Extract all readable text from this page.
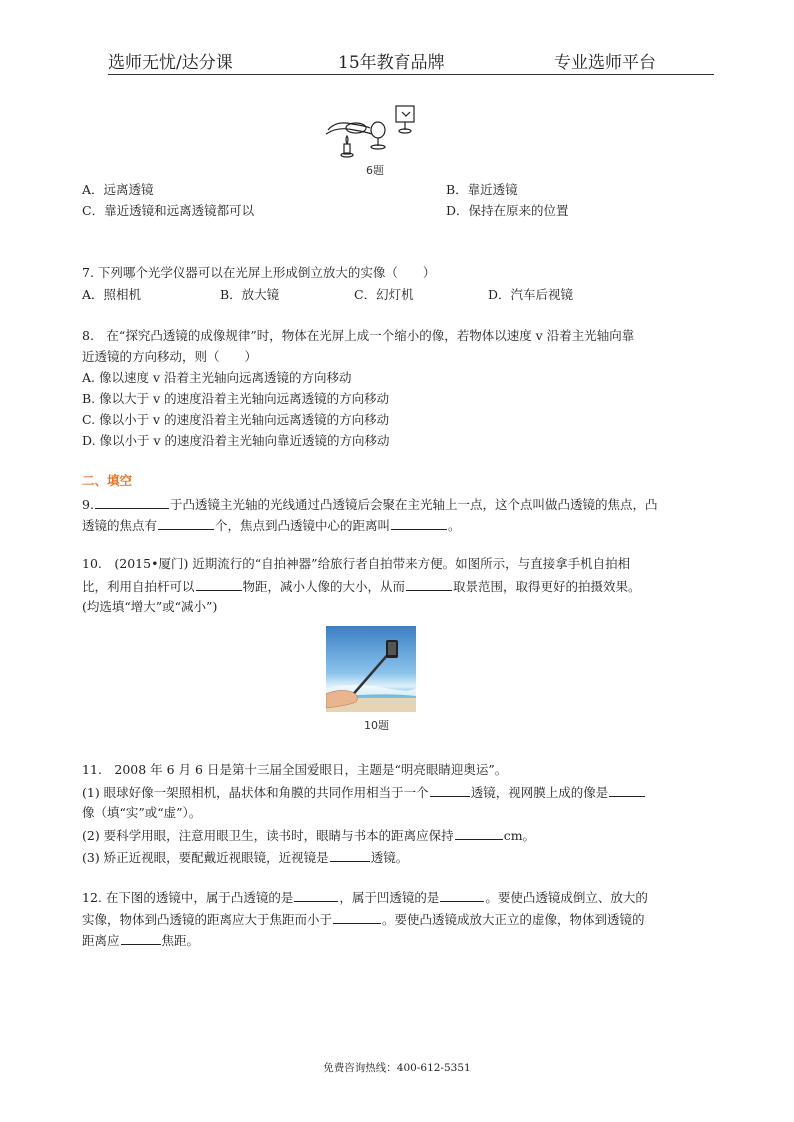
选师无忧/达分课	15年教育品牌	专业选师平台
6题
A．远离透镜	B．靠近透镜
C．靠近透镜和远离透镜都可以	D．保持在原来的位置
7. 下列哪个光学仪器可以在光屏上形成倒立放大的实像（　　）
A．照相机	B．放大镜	C．幻灯机	D．汽车后视镜
8.　在“探究凸透镜的成像规律”时，物体在光屏上成一个缩小的像，若物体以速度 v 沿着主光轴向靠
近透镜的方向移动，则（　　）
A. 像以速度 v 沿着主光轴向远离透镜的方向移动
B. 像以大于 v 的速度沿着主光轴向远离透镜的方向移动
C. 像以小于 v 的速度沿着主光轴向远离透镜的方向移动
D. 像以小于 v 的速度沿着主光轴向靠近透镜的方向移动
二、填空
9.	于凸透镜主光轴的光线通过凸透镜后会聚在主光轴上一点，这个点叫做凸透镜的焦点，凸
透镜的焦点有	个，焦点到凸透镜中心的距离叫	。
10.　(2015•厦门) 近期流行的“自拍神器”给旅行者自拍带来方便。如图所示，与直接拿手机自拍相
比，利用自拍杆可以	物距，减小人像的大小，从而	取景范围，取得更好的拍摄效果。
(均选填“增大”或“减小”)
10题
11.　2008 年 6 月 6 日是第十三届全国爱眼日，主题是“明亮眼睛迎奥运”。
(1) 眼球好像一架照相机，晶状体和角膜的共同作用相当于一个	透镜，视网膜上成的像是
像（填“实”或“虚”）。
(2) 要科学用眼，注意用眼卫生，读书时，眼睛与书本的距离应保持	cm。
(3) 矫正近视眼，要配戴近视眼镜，近视镜是	透镜。
12. 在下图的透镜中，属于凸透镜的是	，属于凹透镜的是	。要使凸透镜成倒立、放大的
实像，物体到凸透镜的距离应大于焦距而小于	。要使凸透镜成放大正立的虚像，物体到透镜的
距离应	焦距。
免费咨询热线：400-612-5351
